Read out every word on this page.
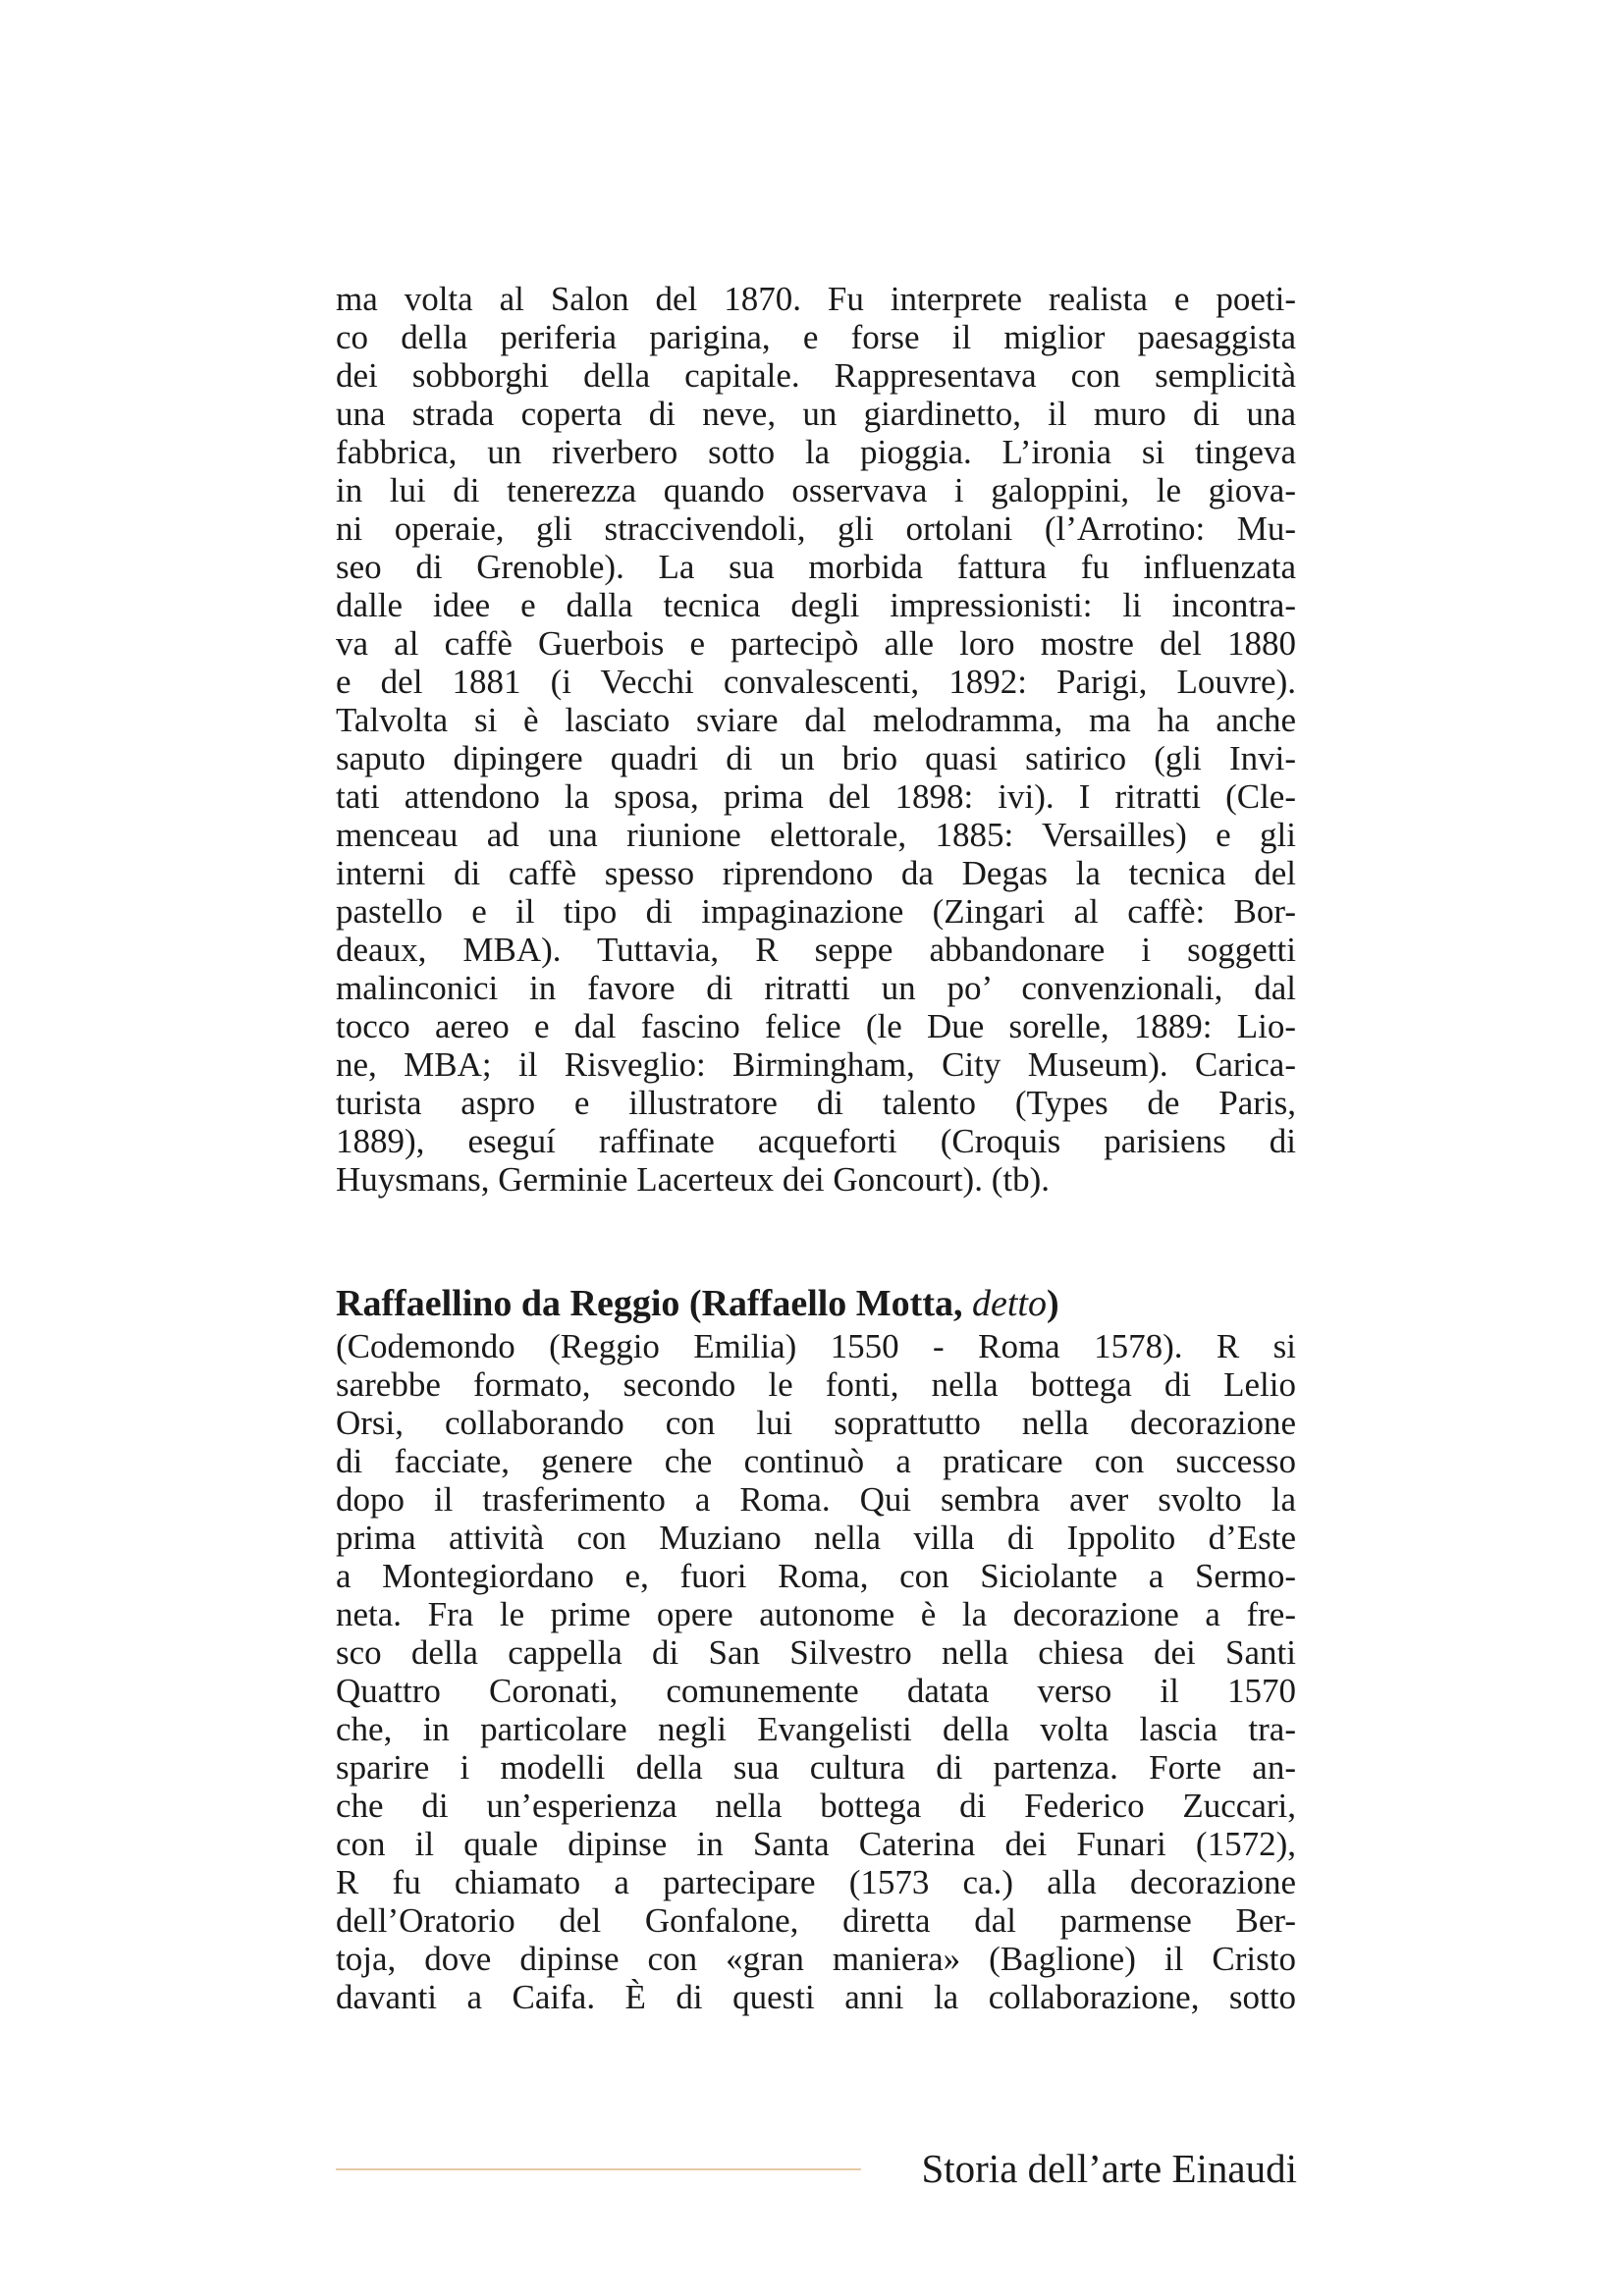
ma volta al Salon del 1870. Fu interprete realista e poeti-
co della periferia parigina, e forse il miglior paesaggista
dei sobborghi della capitale. Rappresentava con semplicità
una strada coperta di neve, un giardinetto, il muro di una
fabbrica, un riverbero sotto la pioggia. L’ironia si tingeva
in lui di tenerezza quando osservava i galoppini, le giova-
ni operaie, gli straccivendoli, gli ortolani (l’Arrotino: Mu-
seo di Grenoble). La sua morbida fattura fu influenzata
dalle idee e dalla tecnica degli impressionisti: li incontra-
va al caffè Guerbois e partecipò alle loro mostre del 1880
e del 1881 (i Vecchi convalescenti, 1892: Parigi, Louvre).
Talvolta si è lasciato sviare dal melodramma, ma ha anche
saputo dipingere quadri di un brio quasi satirico (gli Invi-
tati attendono la sposa, prima del 1898: ivi). I ritratti (Cle-
menceau ad una riunione elettorale, 1885: Versailles) e gli
interni di caffè spesso riprendono da Degas la tecnica del
pastello e il tipo di impaginazione (Zingari al caffè: Bor-
deaux, MBA). Tuttavia, R seppe abbandonare i soggetti
malinconici in favore di ritratti un po’ convenzionali, dal
tocco aereo e dal fascino felice (le Due sorelle, 1889: Lio-
ne, MBA; il Risveglio: Birmingham, City Museum). Carica-
turista aspro e illustratore di talento (Types de Paris,
1889), eseguí raffinate acqueforti (Croquis parisiens di
Huysmans, Germinie Lacerteux dei Goncourt). (tb).
Raffaellino da Reggio (Raffaello Motta, detto)
(Codemondo (Reggio Emilia) 1550 - Roma 1578). R si
sarebbe formato, secondo le fonti, nella bottega di Lelio
Orsi, collaborando con lui soprattutto nella decorazione
di facciate, genere che continuò a praticare con successo
dopo il trasferimento a Roma. Qui sembra aver svolto la
prima attività con Muziano nella villa di Ippolito d’Este
a Montegiordano e, fuori Roma, con Siciolante a Sermo-
neta. Fra le prime opere autonome è la decorazione a fre-
sco della cappella di San Silvestro nella chiesa dei Santi
Quattro Coronati, comunemente datata verso il 1570
che, in particolare negli Evangelisti della volta lascia tra-
sparire i modelli della sua cultura di partenza. Forte an-
che di un’esperienza nella bottega di Federico Zuccari,
con il quale dipinse in Santa Caterina dei Funari (1572),
R fu chiamato a partecipare (1573 ca.) alla decorazione
dell’Oratorio del Gonfalone, diretta dal parmense Ber-
toja, dove dipinse con «gran maniera» (Baglione) il Cristo
davanti a Caifa. È di questi anni la collaborazione, sotto
Storia dell’arte Einaudi
